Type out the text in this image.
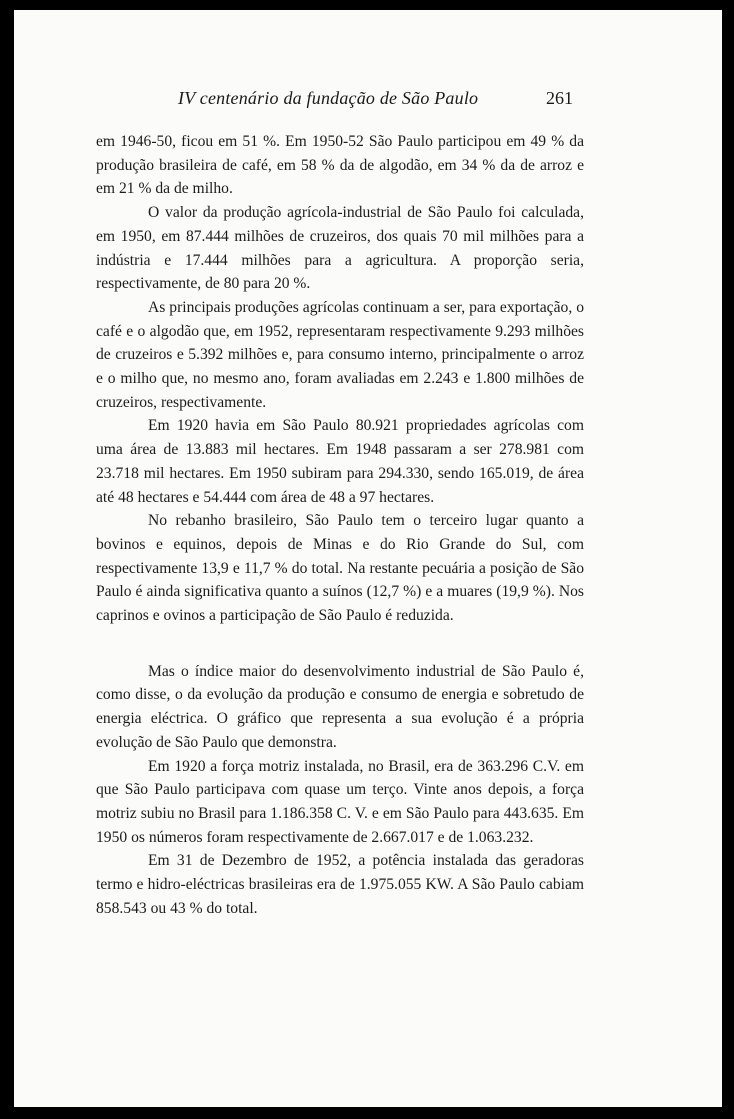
IV centenário da fundação de São Paulo	261

em 1946-50, ficou em 51 %. Em 1950-52 São Paulo participou em 49 % da produção brasileira de café, em 58 % da de algodão, em 34 % da de arroz e em 21 % da de milho.

O valor da produção agrícola-industrial de São Paulo foi calculada, em 1950, em 87.444 milhões de cruzeiros, dos quais 70 mil milhões para a indústria e 17.444 milhões para a agricultura. A proporção seria, respectivamente, de 80 para 20 %.

As principais produções agrícolas continuam a ser, para exportação, o café e o algodão que, em 1952, representaram respectivamente 9.293 milhões de cruzeiros e 5.392 milhões e, para consumo interno, principalmente o arroz e o milho que, no mesmo ano, foram avaliadas em 2.243 e 1.800 milhões de cruzeiros, respectivamente.

Em 1920 havia em São Paulo 80.921 propriedades agrícolas com uma área de 13.883 mil hectares. Em 1948 passaram a ser 278.981 com 23.718 mil hectares. Em 1950 subiram para 294.330, sendo 165.019, de área até 48 hectares e 54.444 com área de 48 a 97 hectares.

No rebanho brasileiro, São Paulo tem o terceiro lugar quanto a bovinos e equinos, depois de Minas e do Rio Grande do Sul, com respectivamente 13,9 e 11,7 % do total. Na restante pecuária a posição de São Paulo é ainda significativa quanto a suínos (12,7 %) e a muares (19,9 %). Nos caprinos e ovinos a participação de São Paulo é reduzida.

Mas o índice maior do desenvolvimento industrial de São Paulo é, como disse, o da evolução da produção e consumo de energia e sobretudo de energia eléctrica. O gráfico que representa a sua evolução é a própria evolução de São Paulo que demonstra.

Em 1920 a força motriz instalada, no Brasil, era de 363.296 C.V. em que São Paulo participava com quase um terço. Vinte anos depois, a força motriz subiu no Brasil para 1.186.358 C. V. e em São Paulo para 443.635. Em 1950 os números foram respectivamente de 2.667.017 e de 1.063.232.

Em 31 de Dezembro de 1952, a potência instalada das geradoras termo e hidro-eléctricas brasileiras era de 1.975.055 KW. A São Paulo cabiam 858.543 ou 43 % do total.
